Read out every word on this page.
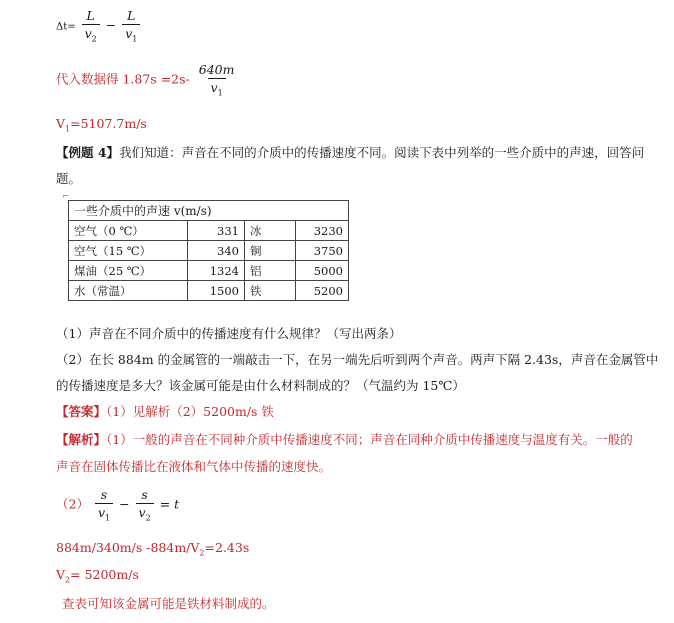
$\Delta t= \frac{L}{v_2} - \frac{L}{v_1}$
代入数据得 $1.87s =2s- \frac{640m}{v_1}$
$V_1=5107.7m/s$
【例题 4】我们知道：声音在不同的介质中的传播速度不同。阅读下表中列举的一些介质中的声速，回答问
题。
⌐
一些介质中的声速 v(m/s)			
空气（0 ℃）	331	冰	3230
空气（15 ℃）	340	铜	3750
煤油（25 ℃）	1324	铝	5000
水（常温）	1500	铁	5200
（1）声音在不同介质中的传播速度有什么规律？（写出两条）
（2）在长 884m 的金属管的一端敲击一下，在另一端先后听到两个声音。两声下隔 2.43s，声音在金属管中
的传播速度是多大？该金属可能是由什么材料制成的？（气温约为 15℃）
【答案】（1）见解析（2）5200m/s 铁
【解析】（1）一般的声音在不同种介质中传播速度不同；声音在同种介质中传播速度与温度有关。一般的
声音在固体传播比在液体和气体中传播的速度快。
$(2) \frac{s}{v_1} - \frac{s}{v_2} = t$
884m/340m/s $-884m/V_2=2.43s$
$V_2= 5200m/s$
查表可知该金属可能是铁材料制成的。
